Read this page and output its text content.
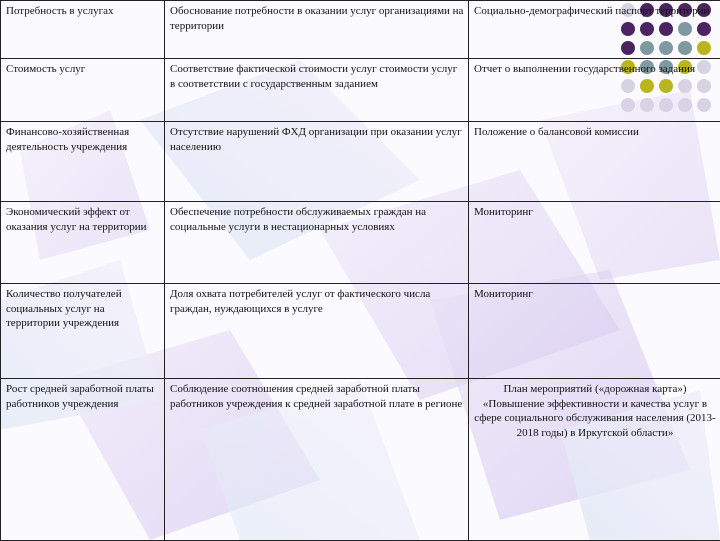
Потребность в услугах	Обоснование потребности в оказании услуг организациями на территории	Социально-демографический паспорт территории
Стоимость услуг	Соответствие фактической стоимости услуг стоимости услуг в соответствии с государственным заданием	Отчет о выполнении государственного задания
Финансово-хозяйственная деятельность учреждения	Отсутствие нарушений ФХД организации при оказании услуг населению	Положение о балансовой комиссии
Экономический эффект от оказания услуг на территории	Обеспечение потребности обслуживаемых граждан на социальные услуги в нестационарных условиях	Мониторинг
Количество получателей социальных услуг на территории учреждения	Доля охвата потребителей услуг от фактического числа граждан, нуждающихся в услуге	Мониторинг
Рост средней заработной платы работников учреждения	Соблюдение соотношения средней заработной платы работников учреждения к средней заработной плате в регионе	План мероприятий («дорожная карта») «Повышение эффективности и качества услуг в сфере социального обслуживания населения (2013-2018 годы) в Иркутской области»
